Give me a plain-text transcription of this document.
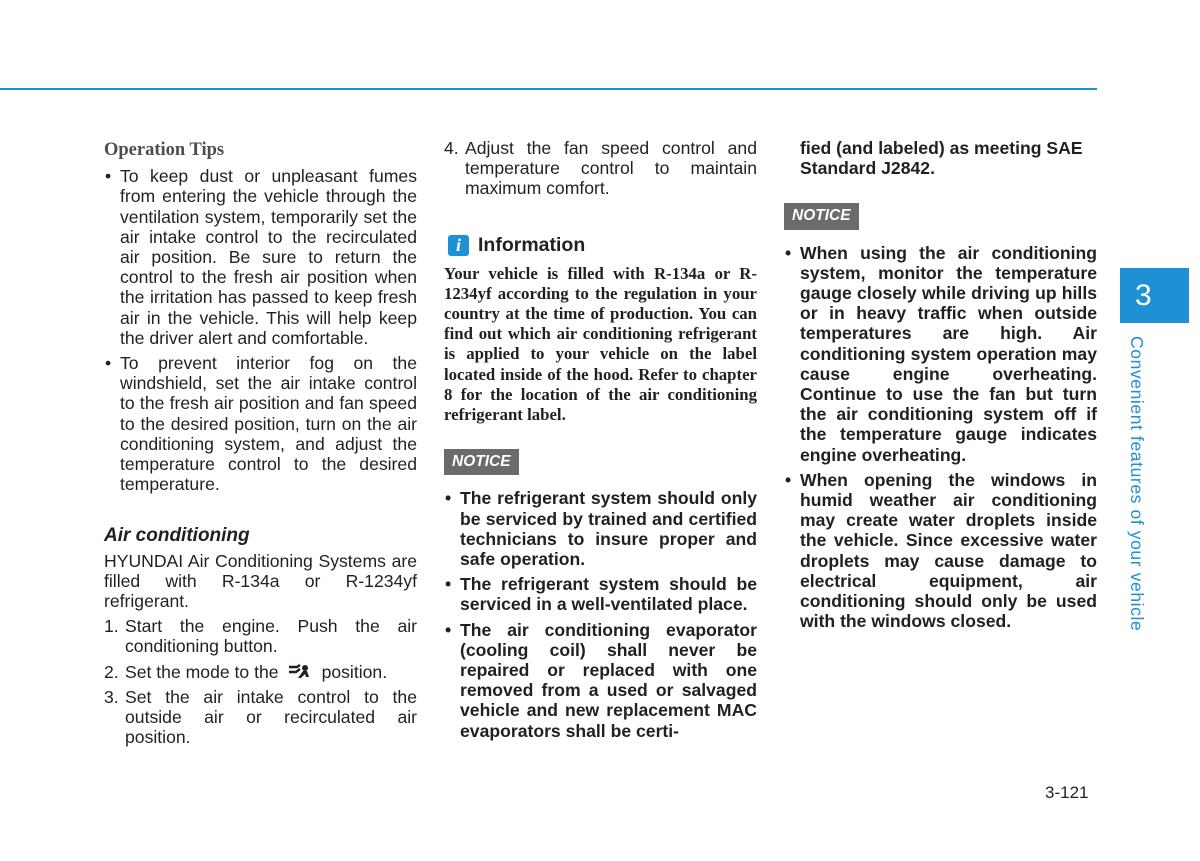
Operation Tips
• To keep dust or unpleasant fumes from entering the vehicle through the ventilation system, temporarily set the air intake control to the recirculated air position. Be sure to return the control to the fresh air position when the irritation has passed to keep fresh air in the vehicle. This will help keep the driver alert and comfortable.
• To prevent interior fog on the windshield, set the air intake control to the fresh air position and fan speed to the desired position, turn on the air conditioning system, and adjust the temperature control to the desired temperature.
Air conditioning

HYUNDAI Air Conditioning Systems are filled with R-134a or R-1234yf refrigerant.

1. Start the engine. Push the air conditioning button.
2. Set the mode to the position.
3. Set the air intake control to the outside air or recirculated air position.
4. Adjust the fan speed control and temperature control to maintain maximum comfort.
i Information

Your vehicle is filled with R-134a or R-1234yf according to the regulation in your country at the time of production. You can find out which air conditioning refrigerant is applied to your vehicle on the label located inside of the hood. Refer to chapter 8 for the location of the air conditioning refrigerant label.

NOTICE
• The refrigerant system should only be serviced by trained and certified technicians to insure proper and safe operation.
• The refrigerant system should be serviced in a well-ventilated place.
• The air conditioning evaporator (cooling coil) shall never be repaired or replaced with one removed from a used or salvaged vehicle and new replacement MAC evaporators shall be certi-

fied (and labeled) as meeting SAE Standard J2842.

NOTICE
• When using the air conditioning system, monitor the temperature gauge closely while driving up hills or in heavy traffic when outside temperatures are high. Air conditioning system operation may cause engine overheating. Continue to use the fan but turn the air conditioning system off if the temperature gauge indicates engine overheating.
• When opening the windows in humid weather air conditioning may create water droplets inside the vehicle. Since excessive water droplets may cause damage to electrical equipment, air conditioning should only be used with the windows closed.
3
Convenient features of your vehicle
3-121
